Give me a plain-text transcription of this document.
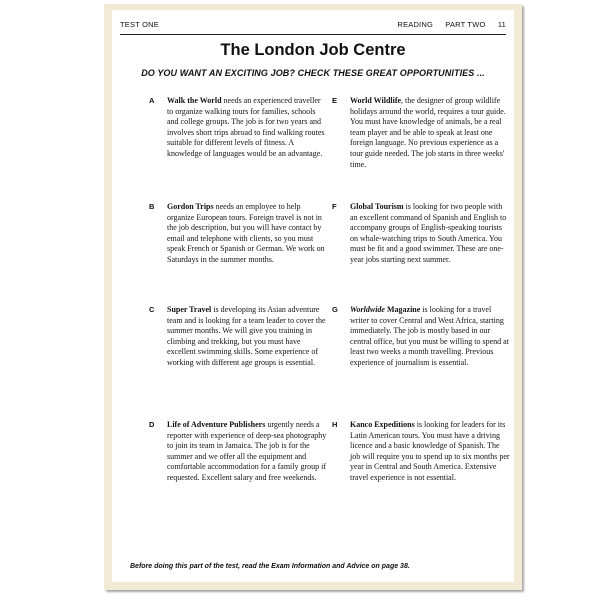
TEST ONE	READING PART TWO 11
The London Job Centre
DO YOU WANT AN EXCITING JOB? CHECK THESE GREAT OPPORTUNITIES ...
A Walk the World needs an experienced traveller to organize walking tours for families, schools and college groups. The job is for two years and involves short trips abroad to find walking routes suitable for different levels of fitness. A knowledge of languages would be an advantage.

B Gordon Trips needs an employee to help organize European tours. Foreign travel is not in the job description, but you will have contact by email and telephone with clients, so you must speak French or Spanish or German. We work on Saturdays in the summer months.

C Super Travel is developing its Asian adventure team and is looking for a team leader to cover the summer months. We will give you training in climbing and trekking, but you must have excellent swimming skills. Some experience of working with different age groups is essential.

D Life of Adventure Publishers urgently needs a reporter with experience of deep-sea photography to join its team in Jamaica. The job is for the summer and we offer all the equipment and comfortable accommodation for a family group if requested. Excellent salary and free weekends.

E World Wildlife, the designer of group wildlife holidays around the world, requires a tour guide. You must have knowledge of animals, be a real team player and be able to speak at least one foreign language. No previous experience as a tour guide needed. The job starts in three weeks' time.

F Global Tourism is looking for two people with an excellent command of Spanish and English to accompany groups of English-speaking tourists on whale-watching trips to South America. You must be fit and a good swimmer. These are one-year jobs starting next summer.

G Worldwide Magazine is looking for a travel writer to cover Central and West Africa, starting immediately. The job is mostly based in our central office, but you must be willing to spend at least two weeks a month travelling. Previous experience of journalism is essential.

H Kanco Expeditions is looking for leaders for its Latin American tours. You must have a driving licence and a basic knowledge of Spanish. The job will require you to spend up to six months per year in Central and South America. Extensive travel experience is not essential.

Before doing this part of the test, read the Exam Information and Advice on page 38.
